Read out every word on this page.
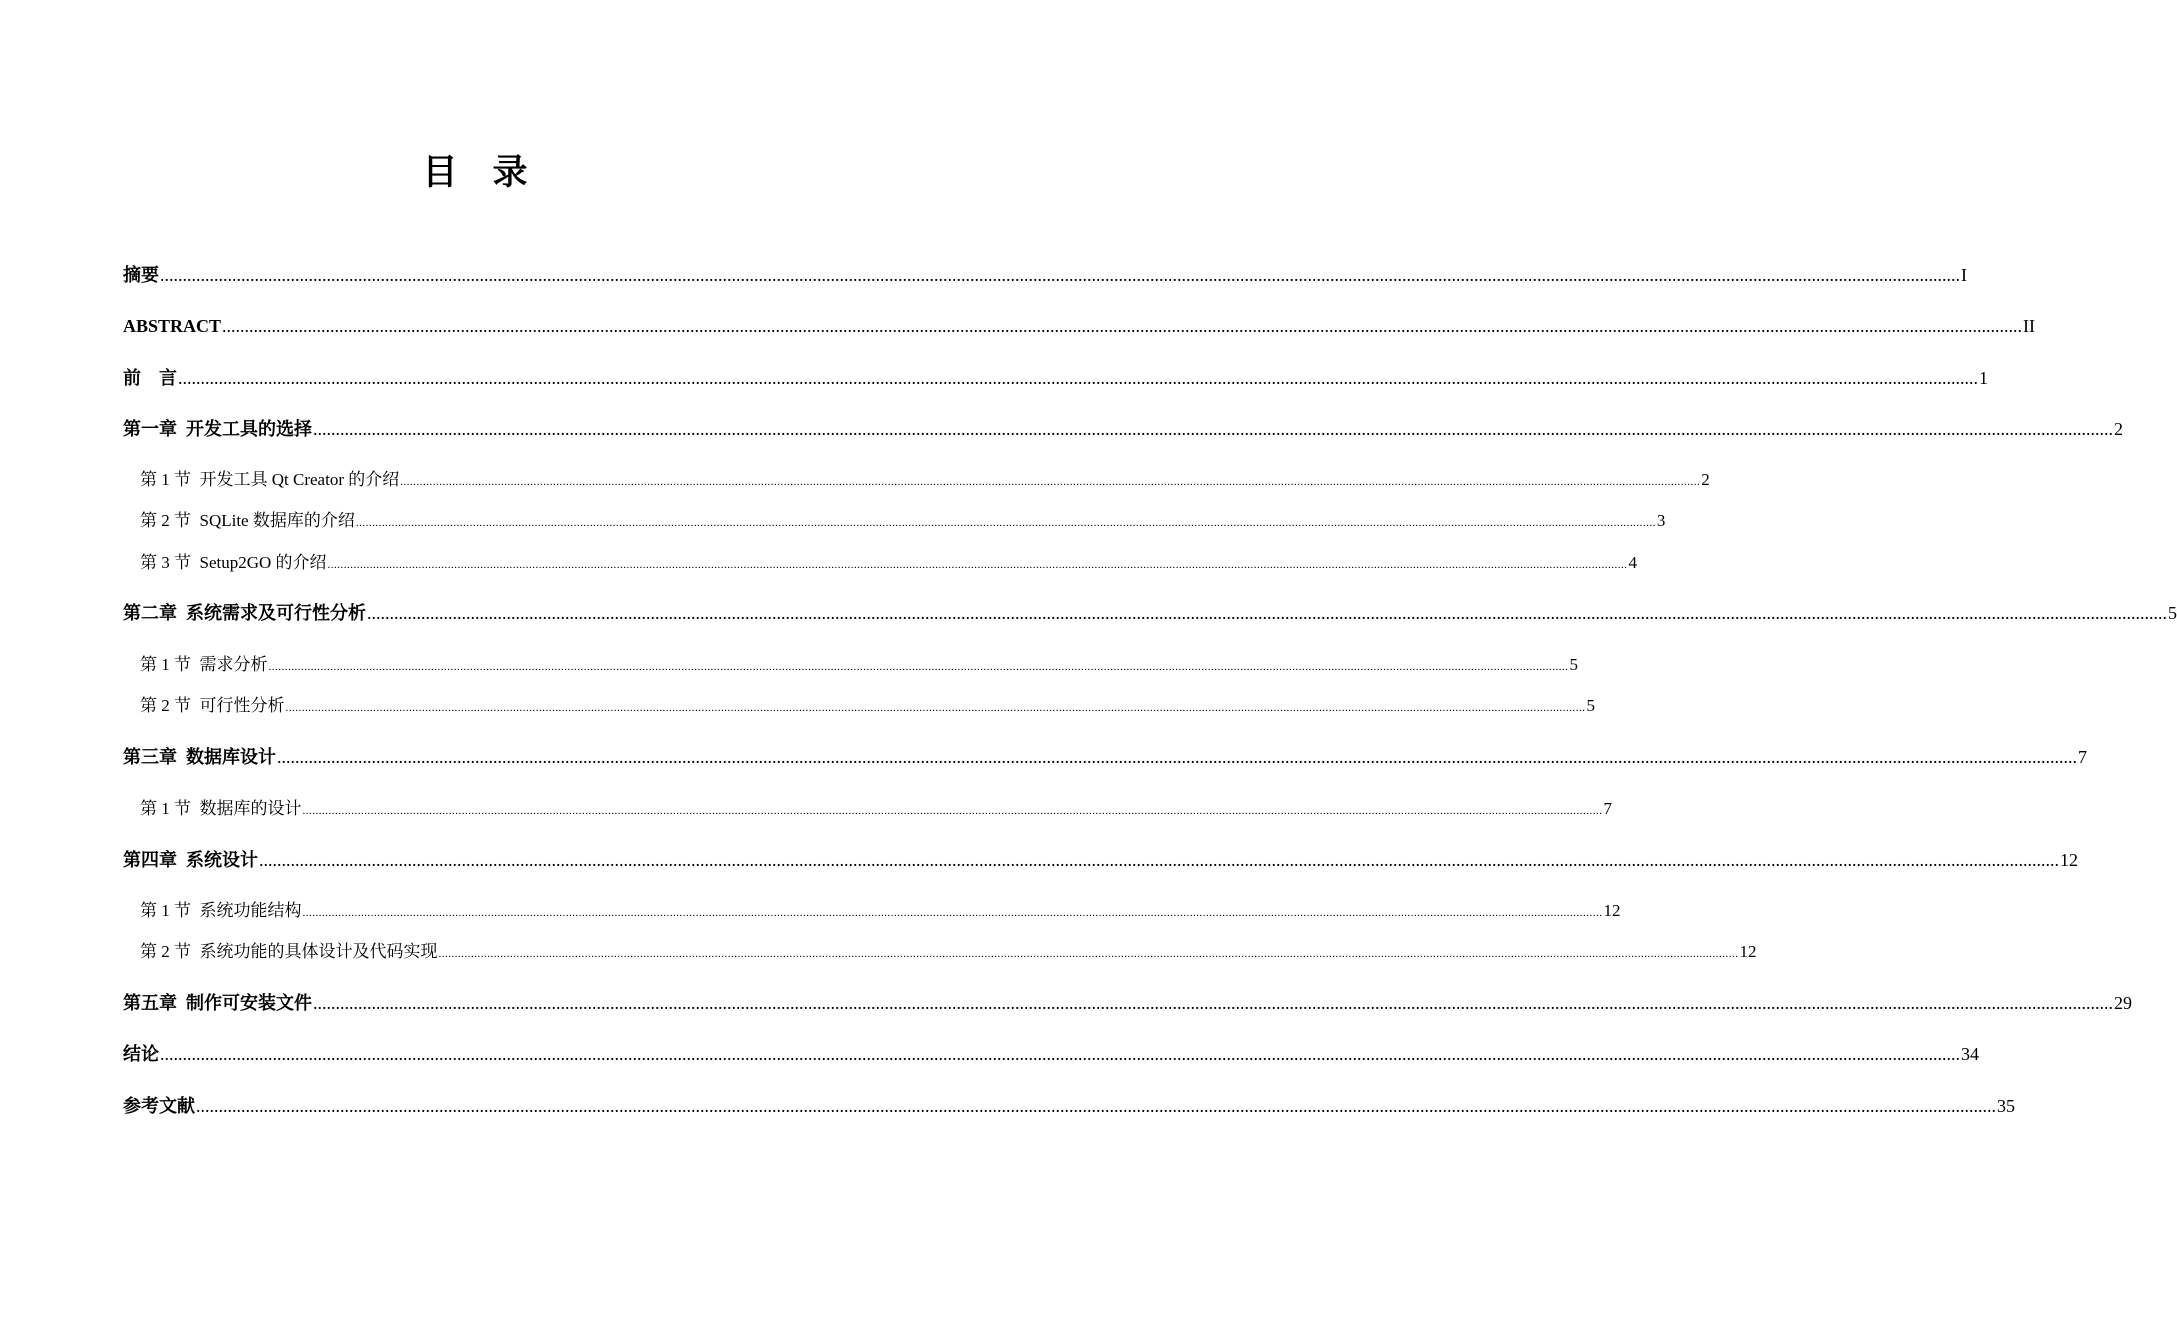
目    录
摘要 ................................................................................................................................................................................................................................................................................................................................................................................................................ I
ABSTRACT ................................................................................................................................................................................................................................................................................................................................................................................................................ II
前    言 ................................................................................................................................................................................................................................................................................................................................................................................................................ 1
第一章  开发工具的选择 ................................................................................................................................................................................................................................................................................................................................................................................................................ 2
第 1 节  开发工具 Qt Creator 的介绍 ................................................................................................................................................................................................................................................................................................................................................................................................................ 2
第 2 节  SQLite 数据库的介绍 ................................................................................................................................................................................................................................................................................................................................................................................................................ 3
第 3 节  Setup2GO 的介绍 ................................................................................................................................................................................................................................................................................................................................................................................................................ 4
第二章  系统需求及可行性分析 ................................................................................................................................................................................................................................................................................................................................................................................................................ 5
第 1 节  需求分析 ................................................................................................................................................................................................................................................................................................................................................................................................................ 5
第 2 节  可行性分析 ................................................................................................................................................................................................................................................................................................................................................................................................................ 5
第三章  数据库设计 ................................................................................................................................................................................................................................................................................................................................................................................................................ 7
第 1 节  数据库的设计 ................................................................................................................................................................................................................................................................................................................................................................................................................ 7
第四章  系统设计 ................................................................................................................................................................................................................................................................................................................................................................................................................ 12
第 1 节  系统功能结构 ................................................................................................................................................................................................................................................................................................................................................................................................................ 12
第 2 节  系统功能的具体设计及代码实现 ................................................................................................................................................................................................................................................................................................................................................................................................................ 12
第五章  制作可安装文件 ................................................................................................................................................................................................................................................................................................................................................................................................................ 29
结论 ................................................................................................................................................................................................................................................................................................................................................................................................................ 34
参考文献 ................................................................................................................................................................................................................................................................................................................................................................................................................ 35
